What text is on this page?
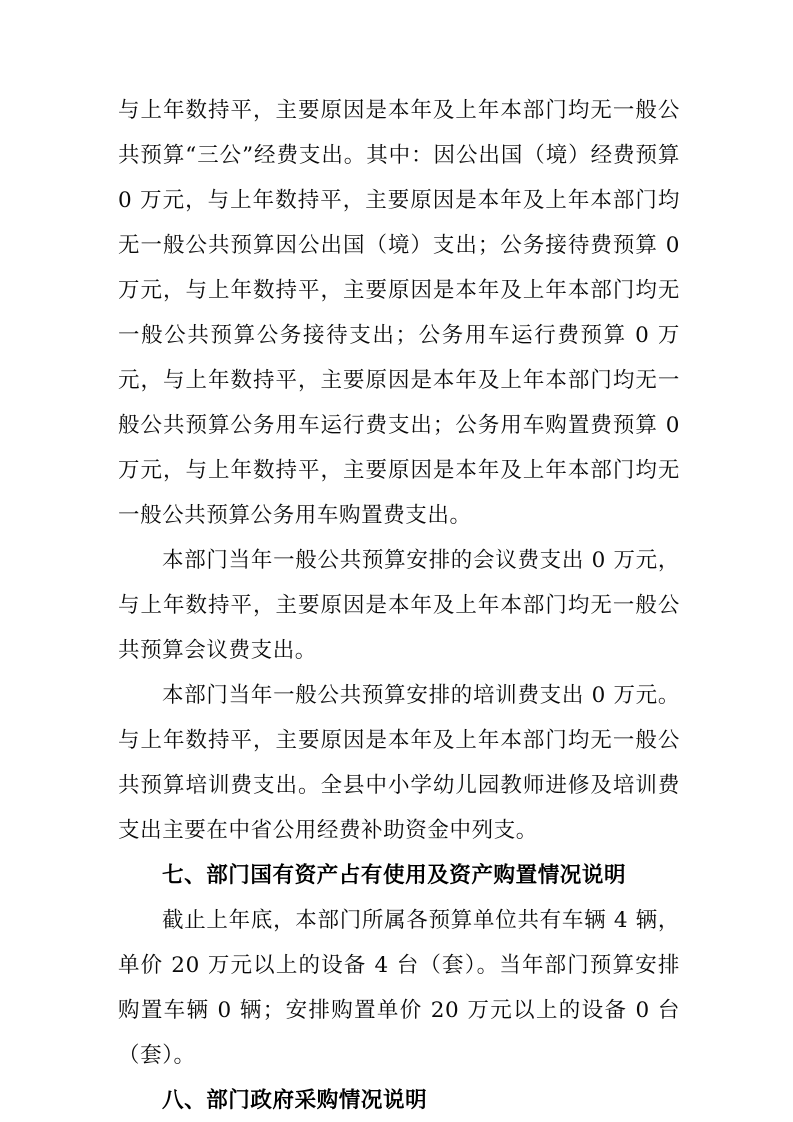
与上年数持平，主要原因是本年及上年本部门均无一般公共预算“三公”经费支出。其中：因公出国（境）经费预算 0 万元，与上年数持平，主要原因是本年及上年本部门均无一般公共预算因公出国（境）支出；公务接待费预算 0 万元，与上年数持平，主要原因是本年及上年本部门均无一般公共预算公务接待支出；公务用车运行费预算 0 万元，与上年数持平，主要原因是本年及上年本部门均无一般公共预算公务用车运行费支出；公务用车购置费预算 0 万元，与上年数持平，主要原因是本年及上年本部门均无一般公共预算公务用车购置费支出。

本部门当年一般公共预算安排的会议费支出 0 万元，与上年数持平，主要原因是本年及上年本部门均无一般公共预算会议费支出。

本部门当年一般公共预算安排的培训费支出 0 万元。与上年数持平，主要原因是本年及上年本部门均无一般公共预算培训费支出。全县中小学幼儿园教师进修及培训费支出主要在中省公用经费补助资金中列支。

七、部门国有资产占有使用及资产购置情况说明

截止上年底，本部门所属各预算单位共有车辆 4 辆，单价 20 万元以上的设备 4 台（套）。当年部门预算安排购置车辆 0 辆；安排购置单价 20 万元以上的设备 0 台（套）。

八、部门政府采购情况说明
